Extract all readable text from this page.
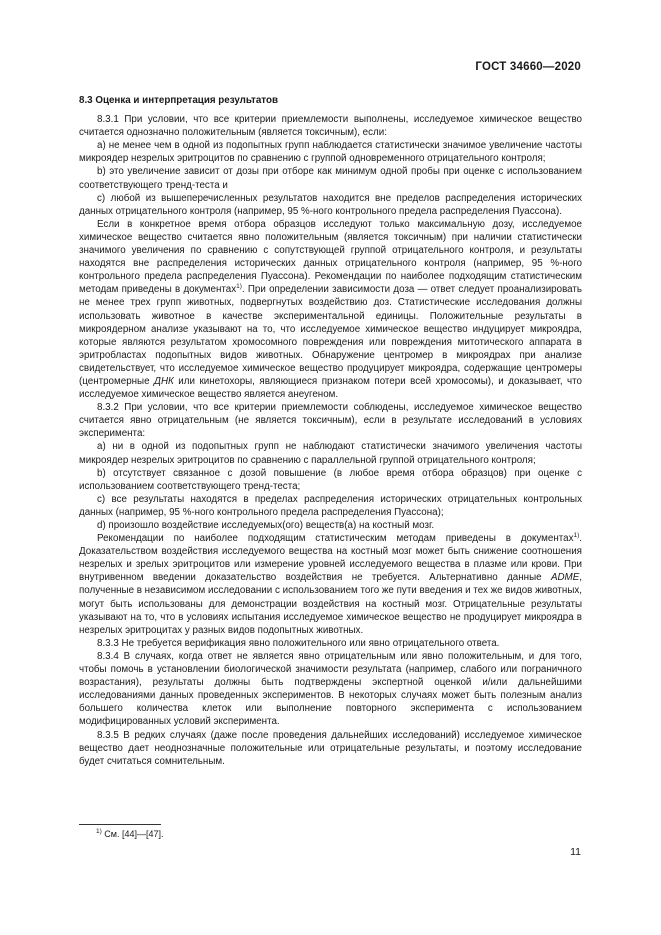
ГОСТ 34660—2020
8.3 Оценка и интерпретация результатов

8.3.1 При условии, что все критерии приемлемости выполнены, исследуемое химическое вещество считается однозначно положительным (является токсичным), если:

а) не менее чем в одной из подопытных групп наблюдается статистически значимое увеличение частоты микроядер незрелых эритроцитов по сравнению с группой одновременного отрицательного контроля;

b) это увеличение зависит от дозы при отборе как минимум одной пробы при оценке с использованием соответствующего тренд-теста и

с) любой из вышеперечисленных результатов находится вне пределов распределения исторических данных отрицательного контроля (например, 95 %-ного контрольного предела распределения Пуассона).

Если в конкретное время отбора образцов исследуют только максимальную дозу, исследуемое химическое вещество считается явно положительным (является токсичным) при наличии статистически значимого увеличения по сравнению с сопутствующей группой отрицательного контроля, и результаты находятся вне распределения исторических данных отрицательного контроля (например, 95 %-ного контрольного предела распределения Пуассона). Рекомендации по наиболее подходящим статистическим методам приведены в документах$^{1)}$. При определении зависимости доза — ответ следует проанализировать не менее трех групп животных, подвергнутых воздействию доз. Статистические исследования должны использовать животное в качестве экспериментальной единицы. Положительные результаты в микроядерном анализе указывают на то, что исследуемое химическое вещество индуцирует микроядра, которые являются результатом хромосомного повреждения или повреждения митотического аппарата в эритробластах подопытных видов животных. Обнаружение центромер в микроядрах при анализе свидетельствует, что исследуемое химическое вещество продуцирует микроядра, содержащие центромеры (центромерные ДНК или кинетохоры, являющиеся признаком потери всей хромосомы), и доказывает, что исследуемое химическое вещество является анеугеном.

8.3.2 При условии, что все критерии приемлемости соблюдены, исследуемое химическое вещество считается явно отрицательным (не является токсичным), если в результате исследований в условиях эксперимента:

а) ни в одной из подопытных групп не наблюдают статистически значимого увеличения частоты микроядер незрелых эритроцитов по сравнению с параллельной группой отрицательного контроля;

b) отсутствует связанное с дозой повышение (в любое время отбора образцов) при оценке с использованием соответствующего тренд-теста;

с) все результаты находятся в пределах распределения исторических отрицательных контрольных данных (например, 95 %-ного контрольного предела распределения Пуассона);

d) произошло воздействие исследуемых(ого) веществ(а) на костный мозг.

Рекомендации по наиболее подходящим статистическим методам приведены в документах$^{1)}$. Доказательством воздействия исследуемого вещества на костный мозг может быть снижение соотношения незрелых и зрелых эритроцитов или измерение уровней исследуемого вещества в плазме или крови. При внутривенном введении доказательство воздействия не требуется. Альтернативно данные ADME, полученные в независимом исследовании с использованием того же пути введения и тех же видов животных, могут быть использованы для демонстрации воздействия на костный мозг. Отрицательные результаты указывают на то, что в условиях испытания исследуемое химическое вещество не продуцирует микроядра в незрелых эритроцитах у разных видов подопытных животных.

8.3.3 Не требуется верификация явно положительного или явно отрицательного ответа.

8.3.4 В случаях, когда ответ не является явно отрицательным или явно положительным, и для того, чтобы помочь в установлении биологической значимости результата (например, слабого или пограничного возрастания), результаты должны быть подтверждены экспертной оценкой и/или дальнейшими исследованиями данных проведенных экспериментов. В некоторых случаях может быть полезным анализ большего количества клеток или выполнение повторного эксперимента с использованием модифицированных условий эксперимента.

8.3.5 В редких случаях (даже после проведения дальнейших исследований) исследуемое химическое вещество дает неоднозначные положительные или отрицательные результаты, и поэтому исследование будет считаться сомнительным.

$^{1)}$ См. [44]—[47].
11
